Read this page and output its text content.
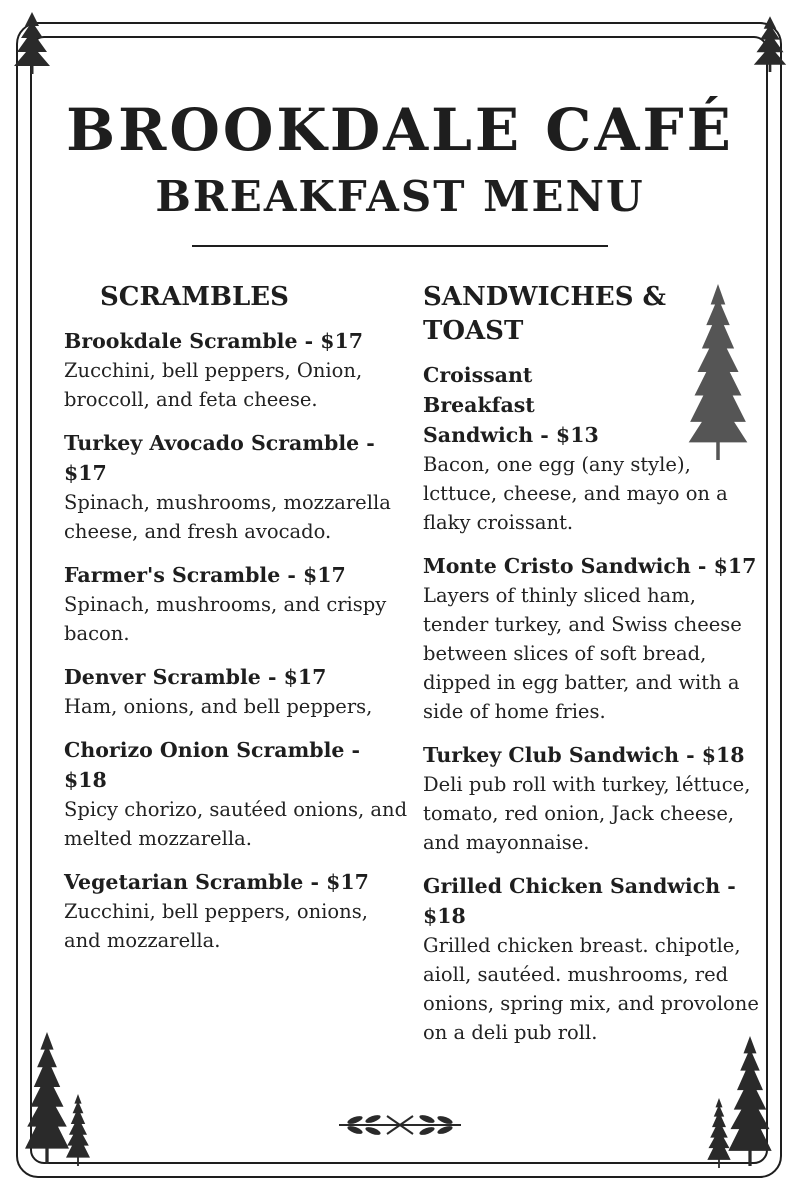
BROOKDALE CAFÉ
BREAKFAST MENU
SCRAMBLES
Brookdale Scramble - $17
Zucchini, bell peppers, Onion, broccoll, and feta cheese.
Turkey Avocado Scramble - $17
Spinach, mushrooms, mozzarella cheese, and fresh avocado.
Farmer's Scramble - $17
Spinach, mushrooms, and crispy bacon.
Denver Scramble - $17
Ham, onions, and bell peppers,
Chorizo Onion Scramble - $18
Spicy chorizo, sautéed onions, and melted mozzarella.
Vegetarian Scramble - $17
Zucchini, bell peppers, onions, and mozzarella.
SANDWICHES & TOAST
Croissant Breakfast Sandwich - $13
Bacon, one egg (any style), lcttuce, cheese, and mayo on a flaky croissant.
Monte Cristo Sandwich - $17
Layers of thinly sliced ham, tender turkey, and Swiss cheese between slices of soft bread, dipped in egg batter, and with a side of home fries.
Turkey Club Sandwich - $18
Deli pub roll with turkey, léttuce, tomato, red onion, Jack cheese, and mayonnaise.
Grilled Chicken Sandwich - $18
Grilled chicken breast. chipotle, aioll, sautéed. mushrooms, red onions, spring mix, and provolone on a deli pub roll.
